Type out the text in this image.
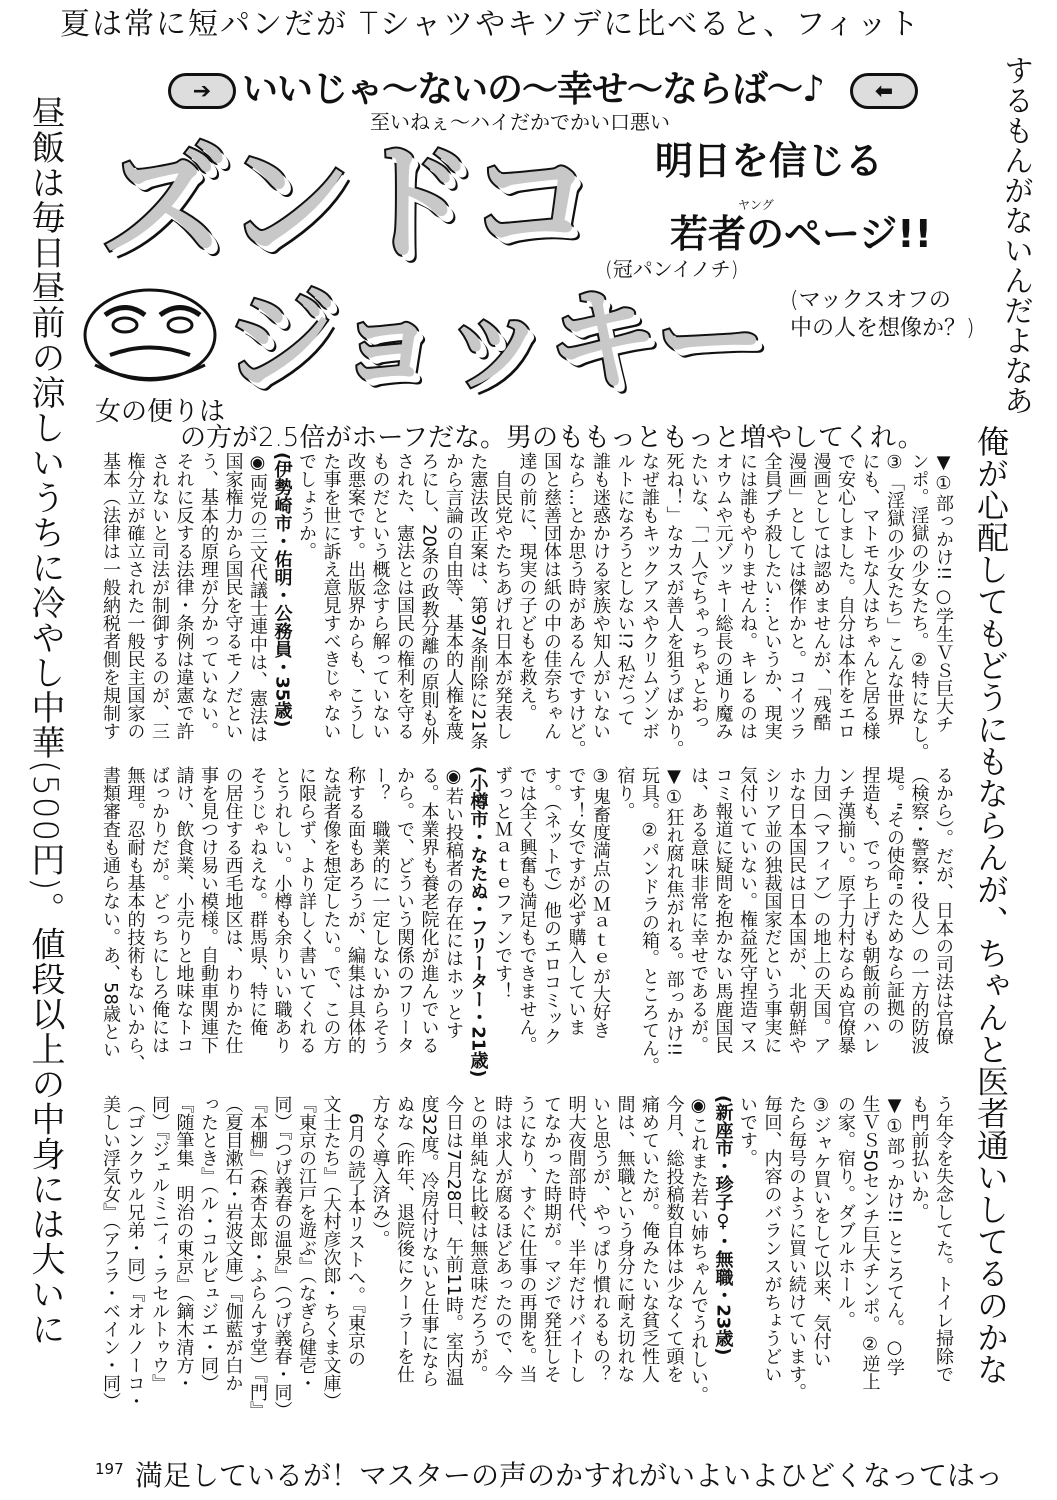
夏は常に短パンだが Tシャツやキソデに比べると、フィット
するもんがないんだよなあ
➔ いいじゃ〜ないの〜幸せ〜ならば〜♪	⬅
至いねぇ〜ハイだかでかい口悪い
ズンドコ
ジョッキー
明日を信じる
ヤング
若者のページ!!
(冠パンイノチ)
(マックスオフの
中の人を想像か？)
女の便りは
の方が2.5倍がホーフだな。男のももっともっと増やしてくれ。
昼飯は毎日昼前の涼しいうちに冷やし中華(500円)。値段以上の中身には大いに	俺が心配してもどうにもならんが、ちゃんと医者通いしてるのかな
▼①部っかけ!! ○学生ＶＳ巨大チ
ンポ。淫獄の少女たち。②特になし。
③「淫獄の少女たち」こんな世界
にも、マトモな人はちゃんと居る様
で安心しました。自分は本作をエロ
漫画としては認めませんが、「残酷
漫画」としては傑作かと。コイツラ
全員ブチ殺したい…というか、現実
には誰もやりませんね。キレるのは
オウムや元ゾッキー総長の通り魔み
たいな、「一人でちゃっちゃとおっ
死ね！」なカスが善人を狙うばかり。
なぜ誰もキックアスやクリムゾンボ
ルトになろうとしない!? 私だって
誰も迷惑かける家族や知人がいない
なら…とか思う時があるんですけど。
国と慈善団体は紙の中の佳奈ちゃん
達の前に、現実の子どもを救え。
　自民党やたちあげれ日本が発表し
た憲法改正案は、第97条削除に21条
から言論の自由等、基本的人権を蔑
ろにし、20条の政教分離の原則も外
された、憲法とは国民の権利を守る
ものだという概念すら解っていない
改悪案です。出版界からも、こうし
た事を世に訴え意見すべきじゃない
でしょうか。
(伊勢崎市・佑明・公務員・35歳)
◉両党の三文代議士連中は、憲法は
国家権力から国民を守るモノだとい
う、基本的原理が分かっていない。
それに反する法律・条例は違憲で許
されないと司法が制御するのが、三
権分立が確立された一般民主国家の
基本（法律は一般納税者側を規制す
るから）。だが、日本の司法は官僚
（検察・警察・役人）の一方的防波
堤。"その使命"のためなら証拠の
捏造も、でっち上げも朝飯前のハレ
ンチ漢揃い。原子力村ならぬ官僚暴
力団（マフィア）の地上の天国。ア
ホな日本国民は日本国が、北朝鮮や
シリア並の独裁国家だという事実に
気付いていない。権益死守捏造マス
コミ報道に疑問を抱かない馬鹿国民
は、ある意味非常に幸せであるが。
▼①狂れ腐れ焦がれる。部っかけ!!
玩具。②パンドラの箱。ところてん。
宿り。
③鬼畜度満点のＭａｔｅが大好き
です！女ですが必ず購入していま
す。（ネットで）他のエロコミック
では全く興奮も満足もできません。
ずっとＭａｔｅファンです！
(小樽市・なたぬ・フリーター・21歳)
◉若い投稿者の存在にはホッとす
る。本業界も養老院化が進んでいる
から。で、どういう関係のフリータ
ー？　職業的に一定しないからそう
称する面もあろうが、編集は具体的
な読者像を想定したい。で、この方
に限らず、より詳しく書いてくれる
とうれしい。小樽も余りいい職あり
そうじゃねえな。群馬県、特に俺
の居住する西毛地区は、わりかた仕
事を見つけ易い模様。自動車関連下
請け、飲食業、小売りと地味なトコ
ばっかりだが。どっちにしろ俺には
無理。忍耐も基本的技術もないから、
書類審査も通らない。あ、58歳とい
う年令を失念してた。トイレ掃除で
も門前払いか。
▼①部っかけ!! ところてん。○学
生ＶＳ50センチ巨大チンポ。②逆上
の家。宿り。ダブルホール。
③ジャケ買いをして以来、気付い
たら毎号のように買い続けています。
毎回、内容のバランスがちょうどい
いです。
(新座市・珍子♀・無職・23歳)
◉これまた若い姉ちゃんでうれしい。
今月、総投稿数自体は少なくて頭を
痛めていたが。俺みたいな貧乏性人
間は、無職という身分に耐え切れな
いと思うが、やっぱり慣れるもの？
明大夜間部時代、半年だけバイトし
てなかった時期が。マジで発狂しそ
うになり、すぐに仕事の再開を。当
時は求人が腐るほどあったので、今
との単純な比較は無意味だろうが。
今日は7月28日、午前11時。室内温
度32度。冷房付けないと仕事になら
ぬな（昨年、退院後にクーラーを仕
方なく導入済み）。
　6月の読了本リストへ。『東京の
文士たち』（大村彦次郎・ちくま文庫）
『東京の江戸を遊ぶ』（なぎら健壱・
同）『つげ義春の温泉』（つげ義春・同）
『本棚』（森杏太郎・ふらんす堂）『門』
（夏目漱石・岩波文庫）『伽藍が白か
ったとき』（ル・コルビュジエ・同）
『随筆集　明治の東京』（鏑木清方・
同）『ジェルミニィ・ラセルトゥウ』
（ゴンクウル兄弟・同）『オルノーコ・
美しい浮気女』（アフラ・ベイン・同）
197 満足しているが！マスターの声のかすれがいよいよひどくなってはっ
